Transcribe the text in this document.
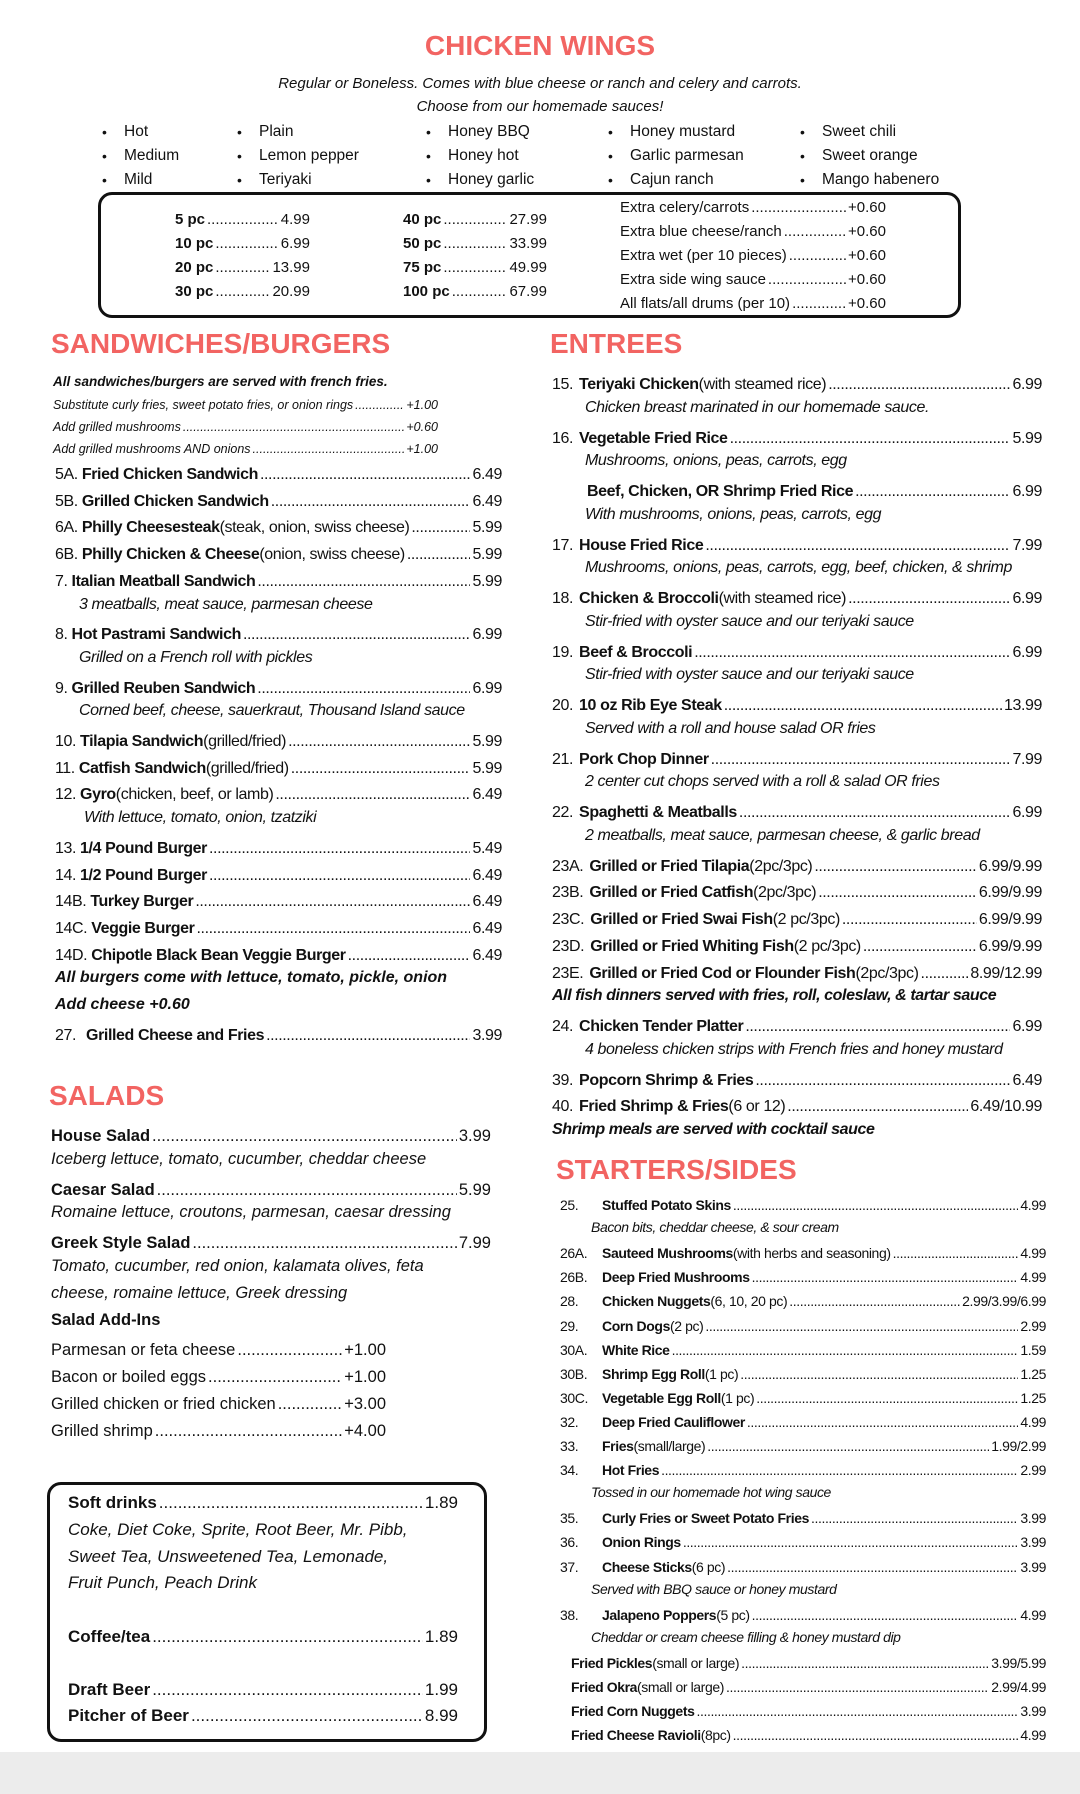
CHICKEN WINGS
Regular or Boneless. Comes with blue cheese or ranch and celery and carrots.
Choose from our homemade sauces!
• Hot
• Medium
• Mild
• Plain
• Lemon pepper
• Teriyaki
• Honey BBQ
• Honey hot
• Honey garlic
• Honey mustard
• Garlic parmesan
• Cajun ranch
• Sweet chili
• Sweet orange
• Mango habenero
5 pc .....	4.99
10 pc .....	6.99
20 pc .....	13.99
30 pc .....	20.99
40 pc .....	27.99
50 pc .....	33.99
75 pc .....	49.99
100 pc .....	67.99
Extra celery/carrots .....	+0.60
Extra blue cheese/ranch .....	+0.60
Extra wet (per 10 pieces) .....	+0.60
Extra side wing sauce .....	+0.60
All flats/all drums (per 10) .....	+0.60
SANDWICHES/BURGERS
All sandwiches/burgers are served with french fries.
Substitute curly fries, sweet potato fries, or onion rings .....	+1.00
Add grilled mushrooms .....	+0.60
Add grilled mushrooms AND onions .....	+1.00
5A. Fried Chicken Sandwich .....	6.49
5B. Grilled Chicken Sandwich .....	6.49
6A. Philly Cheesesteak (steak, onion, swiss cheese) .....	5.99
6B. Philly Chicken & Cheese (onion, swiss cheese) .....	5.99
7. Italian Meatball Sandwich .....	5.99
3 meatballs, meat sauce, parmesan cheese
8. Hot Pastrami Sandwich .....	6.99
Grilled on a French roll with pickles
9. Grilled Reuben Sandwich .....	6.99
Corned beef, cheese, sauerkraut, Thousand Island sauce
10. Tilapia Sandwich (grilled/fried) .....	5.99
11. Catfish Sandwich (grilled/fried) .....	5.99
12. Gyro (chicken, beef, or lamb) .....	6.49
With lettuce, tomato, onion, tzatziki
13. 1/4 Pound Burger .....	5.49
14. 1/2 Pound Burger .....	6.49
14B. Turkey Burger .....	6.49
14C. Veggie Burger .....	6.49
14D. Chipotle Black Bean Veggie Burger .....	6.49
All burgers come with lettuce, tomato, pickle, onion
Add cheese +0.60
27. Grilled Cheese and Fries .....	3.99
SALADS
House Salad .....	3.99
Iceberg lettuce, tomato, cucumber, cheddar cheese
Caesar Salad .....	5.99
Romaine lettuce, croutons, parmesan, caesar dressing
Greek Style Salad .....	7.99
Tomato, cucumber, red onion, kalamata olives, feta
cheese, romaine lettuce, Greek dressing
Salad Add-Ins
Parmesan or feta cheese .....	+1.00
Bacon or boiled eggs .....	+1.00
Grilled chicken or fried chicken .....	+3.00
Grilled shrimp .....	+4.00
Soft drinks .....	1.89
Coke, Diet Coke, Sprite, Root Beer, Mr. Pibb,
Sweet Tea, Unsweetened Tea, Lemonade,
Fruit Punch, Peach Drink
Coffee/tea .....	1.89
Draft Beer .....	1.99
Pitcher of Beer .....	8.99
ENTREES
15. Teriyaki Chicken (with steamed rice) .....	6.99
Chicken breast marinated in our homemade sauce.
16. Vegetable Fried Rice .....	5.99
Mushrooms, onions, peas, carrots, egg
Beef, Chicken, OR Shrimp Fried Rice .....	6.99
With mushrooms, onions, peas, carrots, egg
17. House Fried Rice .....	7.99
Mushrooms, onions, peas, carrots, egg, beef, chicken, & shrimp
18. Chicken & Broccoli (with steamed rice) .....	6.99
Stir-fried with oyster sauce and our teriyaki sauce
19. Beef & Broccoli .....	6.99
Stir-fried with oyster sauce and our teriyaki sauce
20. 10 oz Rib Eye Steak .....	13.99
Served with a roll and house salad OR fries
21. Pork Chop Dinner .....	7.99
2 center cut chops served with a roll & salad OR fries
22. Spaghetti & Meatballs .....	6.99
2 meatballs, meat sauce, parmesan cheese, & garlic bread
23A. Grilled or Fried Tilapia (2pc/3pc) .....	6.99/9.99
23B. Grilled or Fried Catfish (2pc/3pc) .....	6.99/9.99
23C. Grilled or Fried Swai Fish (2 pc/3pc) .....	6.99/9.99
23D. Grilled or Fried Whiting Fish (2 pc/3pc) .....	6.99/9.99
23E. Grilled or Fried Cod or Flounder Fish (2pc/3pc) .....	8.99/12.99
All fish dinners served with fries, roll, coleslaw, & tartar sauce
24. Chicken Tender Platter .....	6.99
4 boneless chicken strips with French fries and honey mustard
39. Popcorn Shrimp & Fries .....	6.49
40. Fried Shrimp & Fries (6 or 12) .....	6.49/10.99
Shrimp meals are served with cocktail sauce
STARTERS/SIDES
25.	Stuffed Potato Skins .....	4.99
Bacon bits, cheddar cheese, & sour cream
26A.	Sauteed Mushrooms (with herbs and seasoning) .....	4.99
26B.	Deep Fried Mushrooms .....	4.99
28.	Chicken Nuggets (6, 10, 20 pc) .....	2.99/3.99/6.99
29.	Corn Dogs (2 pc) .....	2.99
30A.	White Rice .....	1.59
30B.	Shrimp Egg Roll (1 pc) .....	1.25
30C. Vegetable Egg Roll (1 pc) .....	1.25
32.	Deep Fried Cauliflower .....	4.99
33.	Fries (small/large) .....	1.99/2.99
34.	Hot Fries .....	2.99
Tossed in our homemade hot wing sauce
35.	Curly Fries or Sweet Potato Fries .....	3.99
36.	Onion Rings .....	3.99
37.	Cheese Sticks (6 pc) .....	3.99
Served with BBQ sauce or honey mustard
38.	Jalapeno Poppers (5 pc) .....	4.99
Cheddar or cream cheese filling & honey mustard dip
Fried Pickles (small or large) .....	3.99/5.99
Fried Okra (small or large) .....	2.99/4.99
Fried Corn Nuggets .....	3.99
Fried Cheese Ravioli (8pc) .....	4.99
